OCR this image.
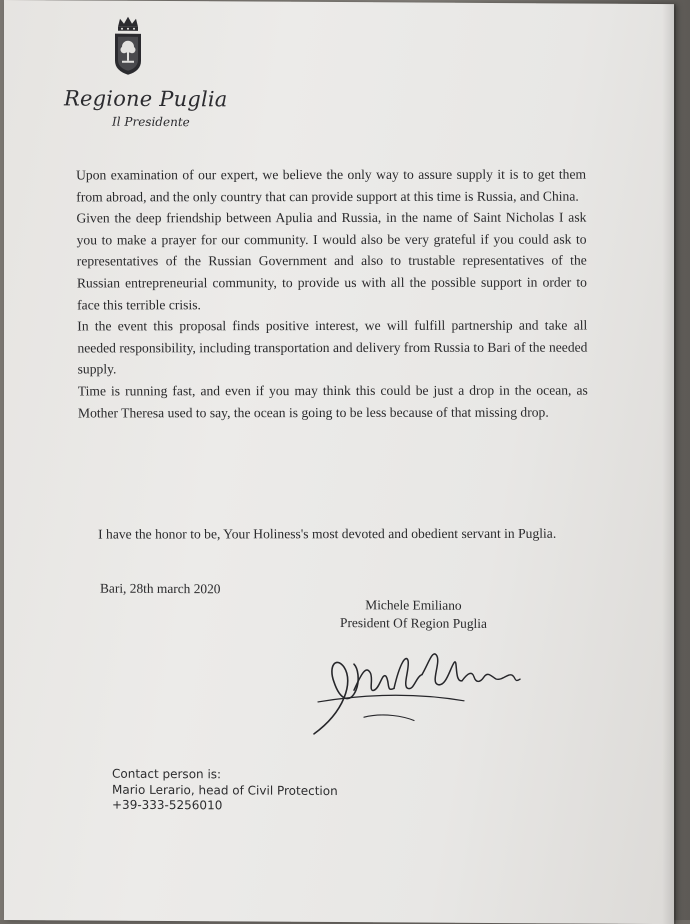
Regione Puglia
Il Presidente

Upon examination of our expert, we believe the only way to assure supply it is to get them from abroad, and the only country that can provide support at this time is Russia, and China.

Given the deep friendship between Apulia and Russia, in the name of Saint Nicholas I ask you to make a prayer for our community. I would also be very grateful if you could ask to representatives of the Russian Government and also to trustable representatives of the Russian entrepreneurial community, to provide us with all the possible support in order to face this terrible crisis.

In the event this proposal finds positive interest, we will fulfill partnership and take all needed responsibility, including transportation and delivery from Russia to Bari of the needed supply.

Time is running fast, and even if you may think this could be just a drop in the ocean, as Mother Theresa used to say, the ocean is going to be less because of that missing drop.

I have the honor to be, Your Holiness's most devoted and obedient servant in Puglia.
Bari, 28th march 2020
Michele Emiliano
President Of Region Puglia
Contact person is:
Mario Lerario, head of Civil Protection
+39-333-5256010
